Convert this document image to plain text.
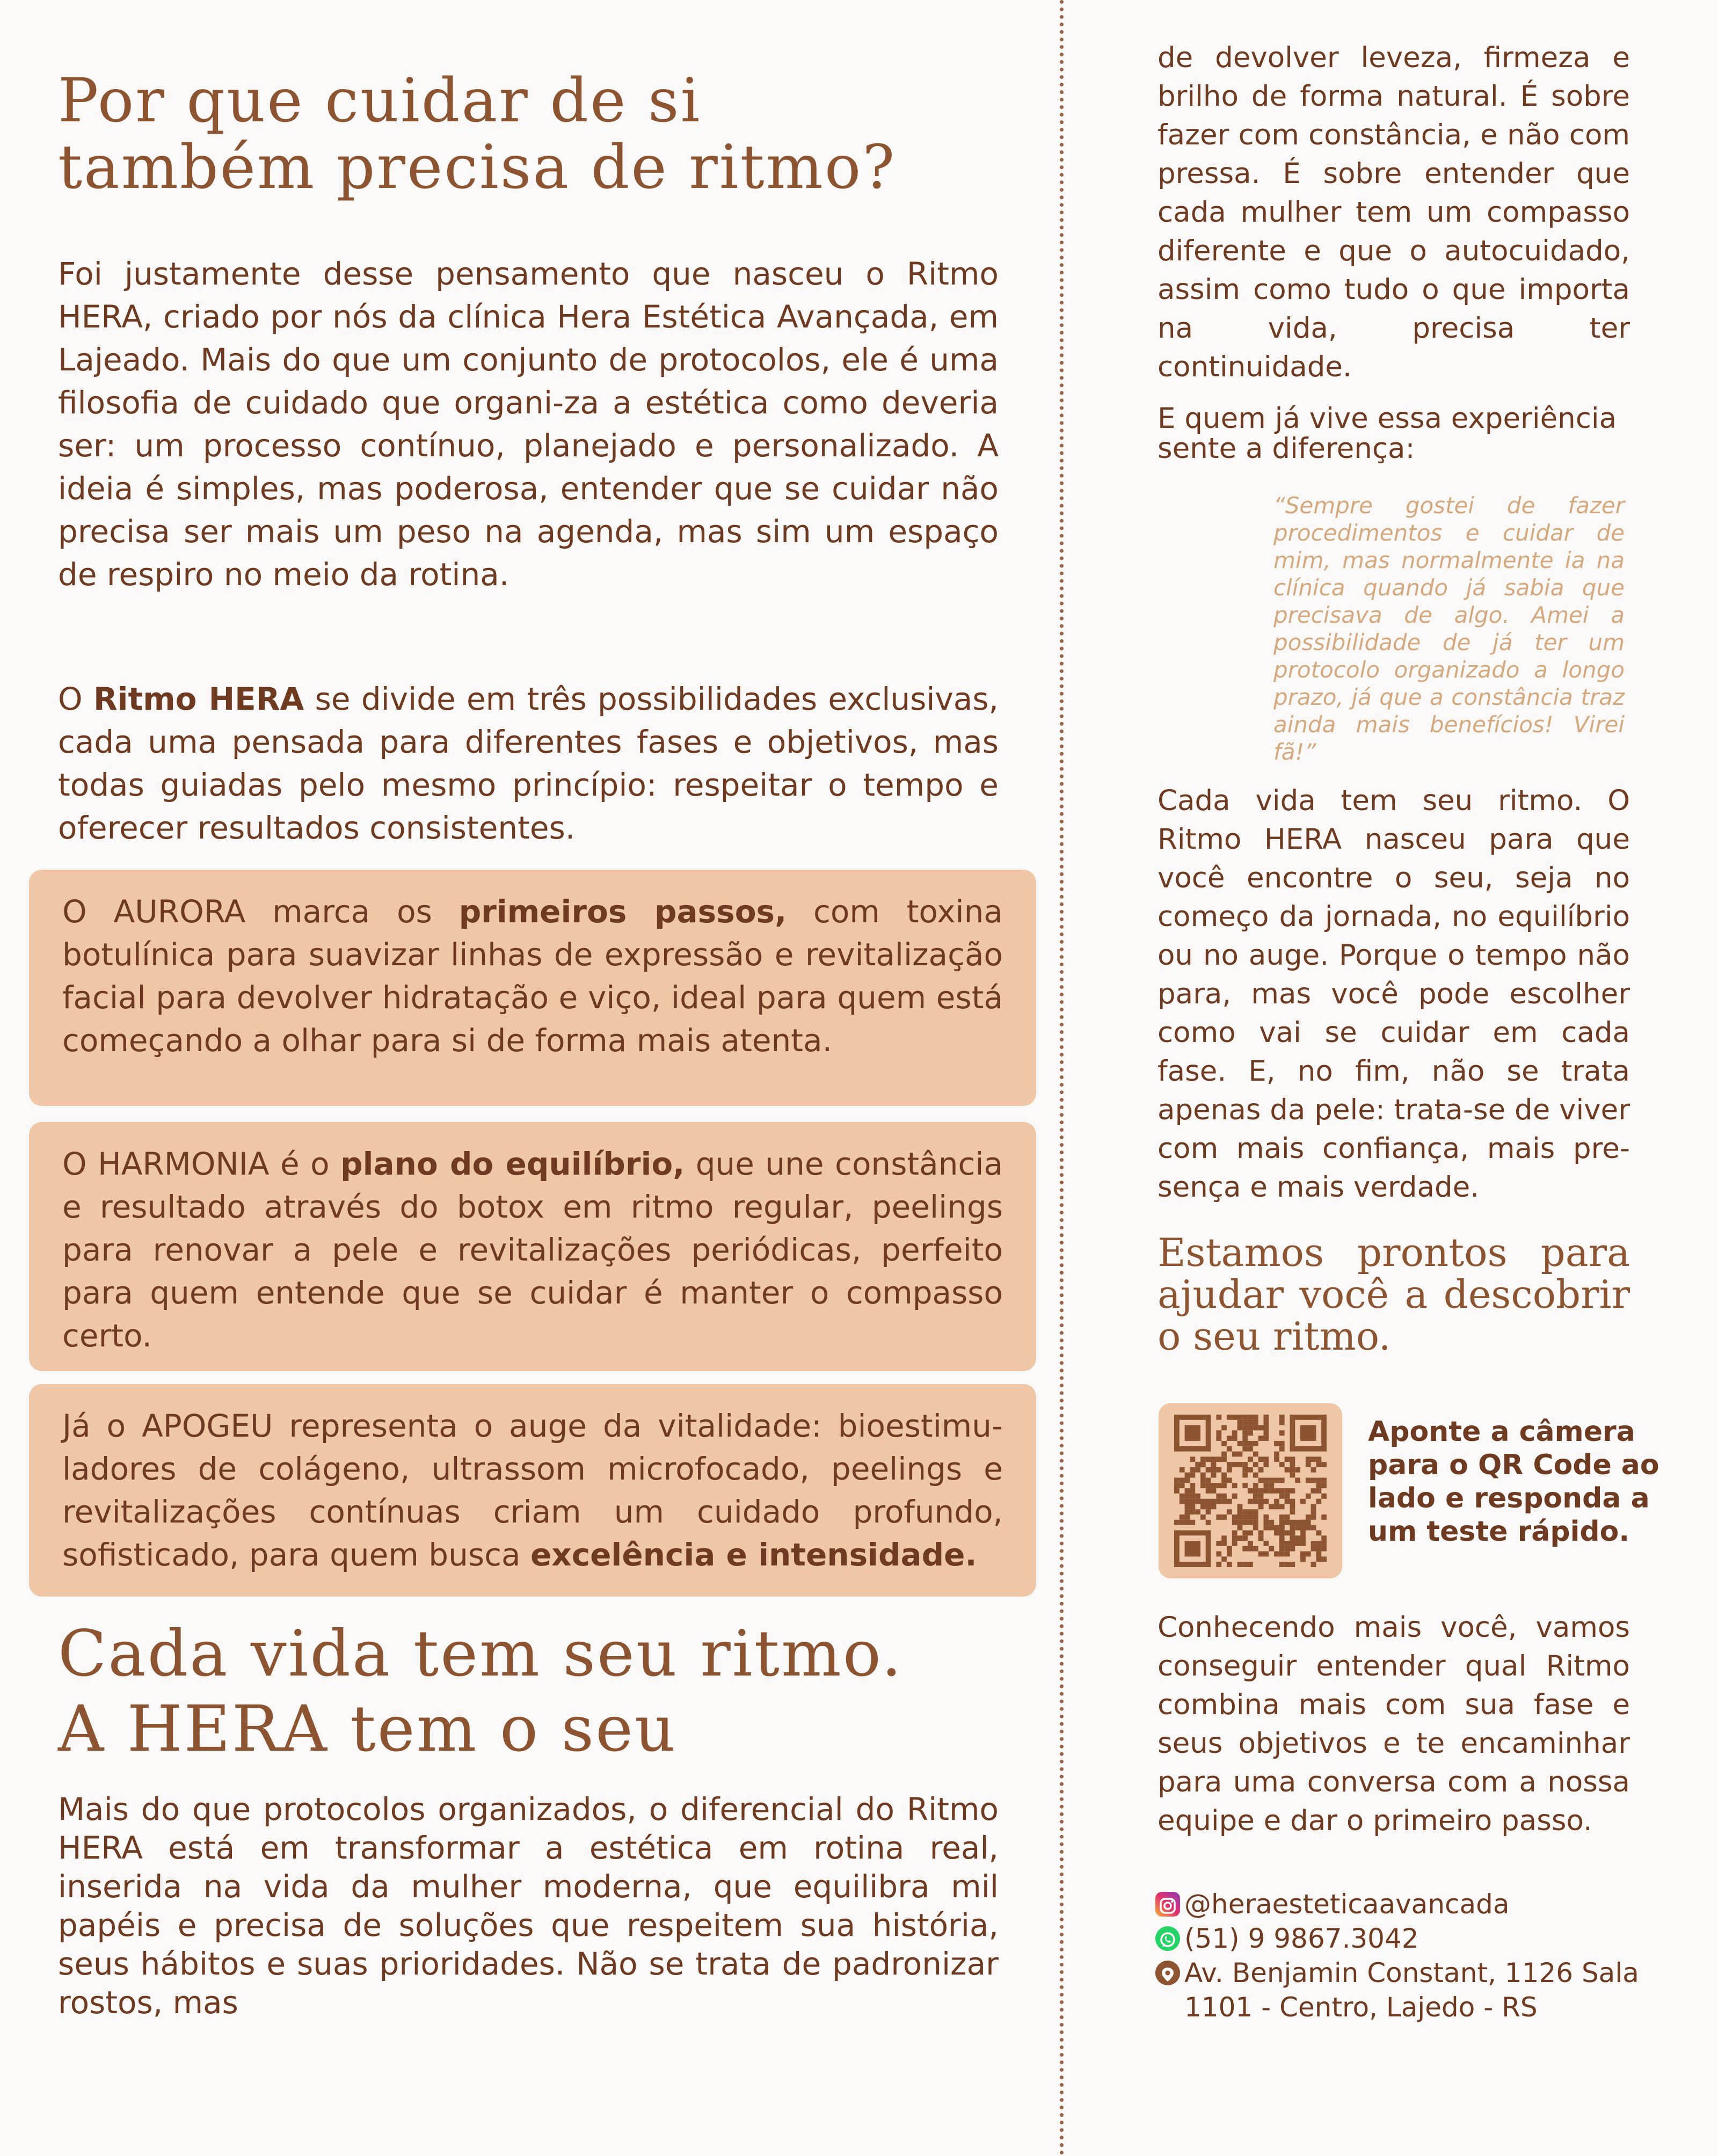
Por que cuidar de si
também precisa de ritmo?

Foi justamente desse pensamento que nasceu o Ritmo HERA, criado por nós da clínica Hera Estética Avançada, em Lajeado. Mais do que um conjunto de protocolos, ele é uma filosofia de cuidado que organi-za a estética como deveria ser: um processo contínuo, planejado e personalizado. A ideia é simples, mas poderosa, entender que se cuidar não precisa ser mais um peso na agenda, mas sim um espaço de respiro no meio da rotina.

O Ritmo HERA se divide em três possibilidades exclusivas, cada uma pensada para diferentes fases e objetivos, mas todas guiadas pelo mesmo princípio: respeitar o tempo e oferecer resultados consistentes.

O AURORA marca os primeiros passos, com toxina botulínica para suavizar linhas de expressão e revitalização facial para devolver hidratação e viço, ideal para quem está começando a olhar para si de forma mais atenta.

O HARMONIA é o plano do equilíbrio, que une constância e resultado através do botox em ritmo regular, peelings para renovar a pele e revitalizações periódicas, perfeito para quem entende que se cuidar é manter o compasso certo.

Já o APOGEU representa o auge da vitalidade: bioestimu-ladores de colágeno, ultrassom microfocado, peelings e revitalizações contínuas criam um cuidado profundo, sofisticado, para quem busca excelência e intensidade.

Cada vida tem seu ritmo.
A HERA tem o seu

Mais do que protocolos organizados, o diferencial do Ritmo HERA está em transformar a estética em rotina real, inserida na vida da mulher moderna, que equilibra mil papéis e precisa de soluções que respeitem sua história, seus hábitos e suas prioridades. Não se trata de padronizar rostos, mas

de devolver leveza, firmeza e brilho de forma natural. É sobre fazer com constância, e não com pressa. É sobre entender que cada mulher tem um compasso diferente e que o autocuidado, assim como tudo o que importa na vida, precisa ter continuidade.

E quem já vive essa experiência sente a diferença:

“Sempre gostei de fazer procedimentos e cuidar de mim, mas normalmente ia na clínica quando já sabia que precisava de algo. Amei a possibilidade de já ter um protocolo organizado a longo prazo, já que a constância traz ainda mais benefícios! Virei fã!”

Cada vida tem seu ritmo. O Ritmo HERA nasceu para que você encontre o seu, seja no começo da jornada, no equilíbrio ou no auge. Porque o tempo não para, mas você pode escolher como vai se cuidar em cada fase. E, no fim, não se trata apenas da pele: trata-se de viver com mais confiança, mais pre-sença e mais verdade.

Estamos prontos para ajudar você a descobrir o seu ritmo.

Aponte a câmera para o QR Code ao lado e responda a um teste rápido.

Conhecendo mais você, vamos conseguir entender qual Ritmo combina mais com sua fase e seus objetivos e te encaminhar para uma conversa com a nossa equipe e dar o primeiro passo.

@heraesteticaavancada
(51) 9 9867.3042
Av. Benjamin Constant, 1126 Sala
1101 - Centro, Lajedo - RS
